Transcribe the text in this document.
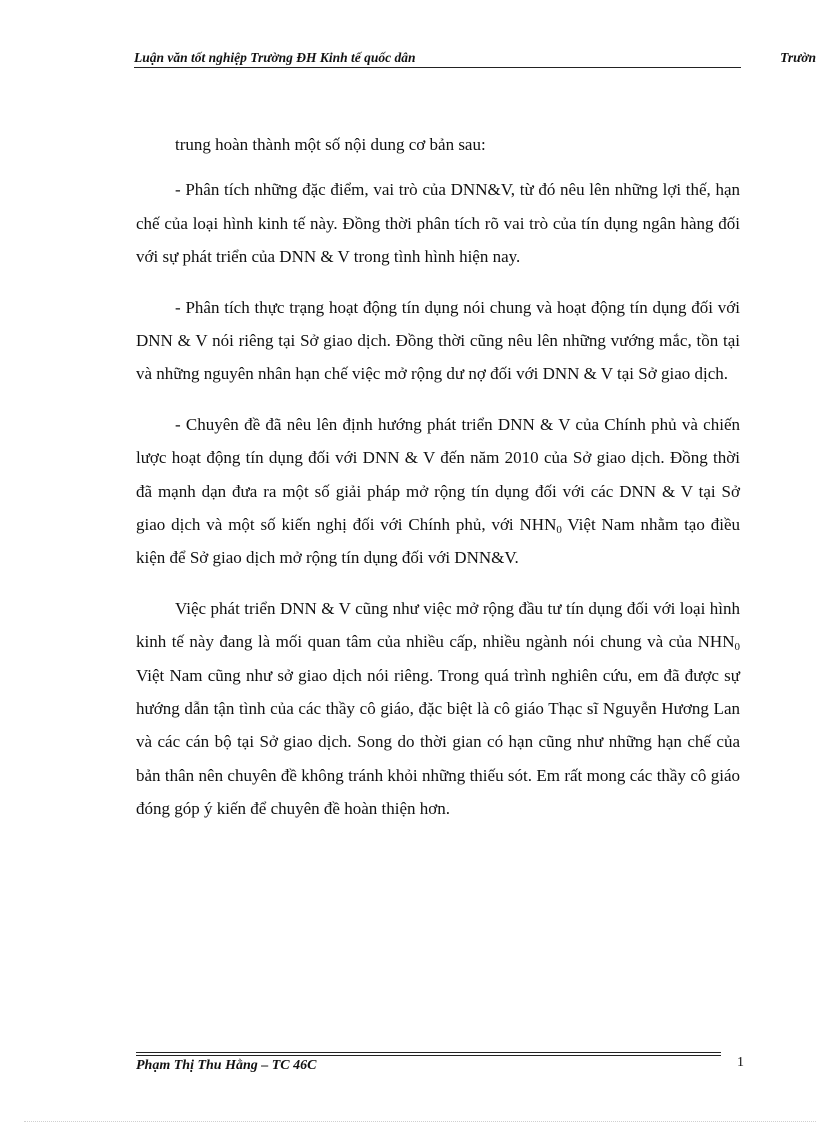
Luận văn tốt nghiệp Trường ĐH Kinh tế quốc dân	Trườn

trung hoàn thành một số nội dung cơ bản sau:

- Phân tích những đặc điểm, vai trò của DNN&V, từ đó nêu lên những lợi thế, hạn chế của loại hình kinh tế này. Đồng thời phân tích rõ vai trò của tín dụng ngân hàng đối với sự phát triển của DNN & V trong tình hình hiện nay.

- Phân tích thực trạng hoạt động tín dụng nói chung và hoạt động tín dụng đối với DNN & V nói riêng tại Sở giao dịch. Đồng thời cũng nêu lên những vướng mắc, tồn tại và những nguyên nhân hạn chế việc mở rộng dư nợ đối với DNN & V tại Sở giao dịch.

- Chuyên đề đã nêu lên định hướng phát triển DNN & V của Chính phủ và chiến lược hoạt động tín dụng đối với DNN & V đến năm 2010 của Sở giao dịch. Đồng thời đã mạnh dạn đưa ra một số giải pháp mở rộng tín dụng đối với các DNN & V tại Sở giao dịch và một số kiến nghị đối với Chính phủ, với $NHN_0$ Việt Nam nhằm tạo điều kiện để Sở giao dịch mở rộng tín dụng đối với DNN&V.

Việc phát triển DNN & V cũng như việc mở rộng đầu tư tín dụng đối với loại hình kinh tế này đang là mối quan tâm của nhiều cấp, nhiều ngành nói chung và của $NHN_0$ Việt Nam cũng như sở giao dịch nói riêng. Trong quá trình nghiên cứu, em đã được sự hướng dẫn tận tình của các thầy cô giáo, đặc biệt là cô giáo Thạc sĩ Nguyễn Hương Lan và các cán bộ tại Sở giao dịch. Song do thời gian có hạn cũng như những hạn chế của bản thân nên chuyên đề không tránh khỏi những thiếu sót. Em rất mong các thầy cô giáo đóng góp ý kiến để chuyên đề hoàn thiện hơn.

Phạm Thị Thu Hằng – TC 46C	1
